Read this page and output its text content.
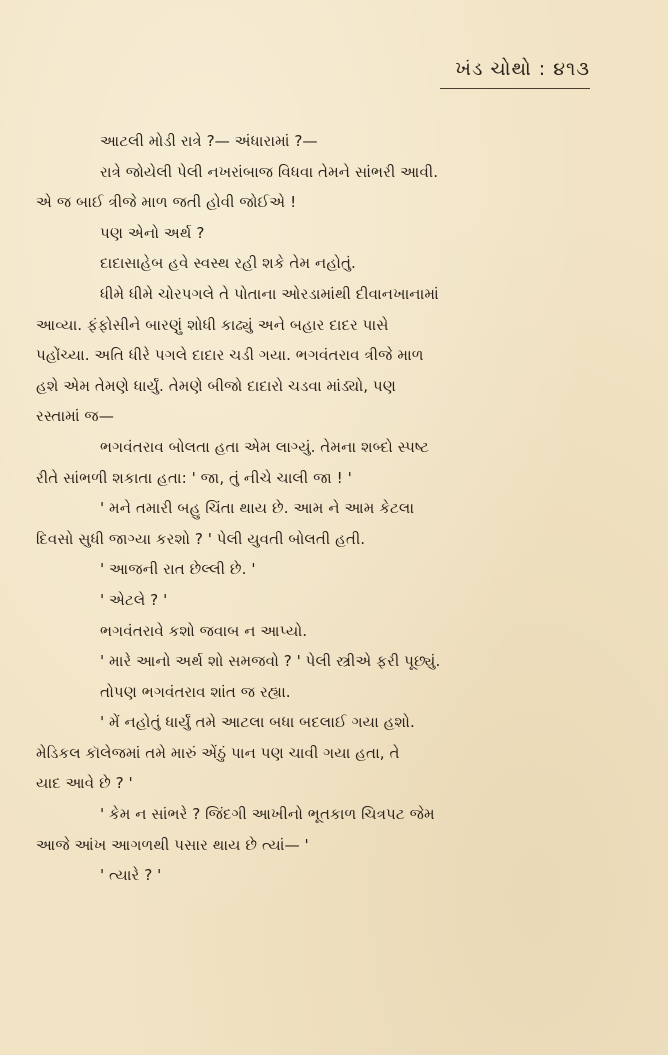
ખંડ ચોથો : ૪૧૩
આટલી મોડી રાત્રે ?— અંધારામાં ?—
રાત્રે જોયેલી પેલી નખરાંબાજ વિધવા તેમને સાંભરી આવી.
એ જ બાઈ ત્રીજે માળ જતી હોવી જોઈએ !
પણ એનો અર્થ ?
દાદાસાહેબ હવે સ્વસ્થ રહી શકે તેમ નહોતું.
ધીમે ધીમે ચોરપગલે તે પોતાના ઓરડામાંથી દીવાનખાનામાં
આવ્યા. ફંફોસીને બારણું શોધી કાઢ્યું અને બહાર દાદર પાસે
પહોંચ્યા. અતિ ધીરે પગલે દાદાર ચડી ગયા. ભગવંતરાવ ત્રીજે માળ
હશે એમ તેમણે ધાર્યું. તેમણે બીજો દાદારો ચડવા માંડ્યો, પણ
રસ્તામાં જ—
ભગવંતરાવ બોલતા હતા એમ લાગ્યું. તેમના શબ્દો સ્પષ્ટ
રીતે સાંભળી શકાતા હતા: ' જા, તું નીચે ચાલી જા ! '
' મને તમારી બહુ ચિંતા થાય છે. આમ ને આમ કેટલા
દિવસો સુધી જાગ્યા કરશો ? ' પેલી યુવતી બોલતી હતી.
' આજની રાત છેલ્લી છે. '
' એટલે ? '
ભગવંતરાવે કશો જવાબ ન આપ્યો.
' મારે આનો અર્થ શો સમજવો ? ' પેલી સ્ત્રીએ ફરી પૂછ્યું.
તોપણ ભગવંતરાવ શાંત જ રહ્યા.
' મેં નહોતું ધાર્યું તમે આટલા બધા બદલાઈ ગયા હશો.
મેડિકલ કૉલેજમાં તમે મારું એંઠું પાન પણ ચાવી ગયા હતા, તે
યાદ આવે છે ? '
' કેમ ન સાંભરે ? જિંદગી આખીનો ભૂતકાળ ચિત્રપટ જેમ
આજે આંખ આગળથી પસાર થાય છે ત્યાં— '
' ત્યારે ? '
